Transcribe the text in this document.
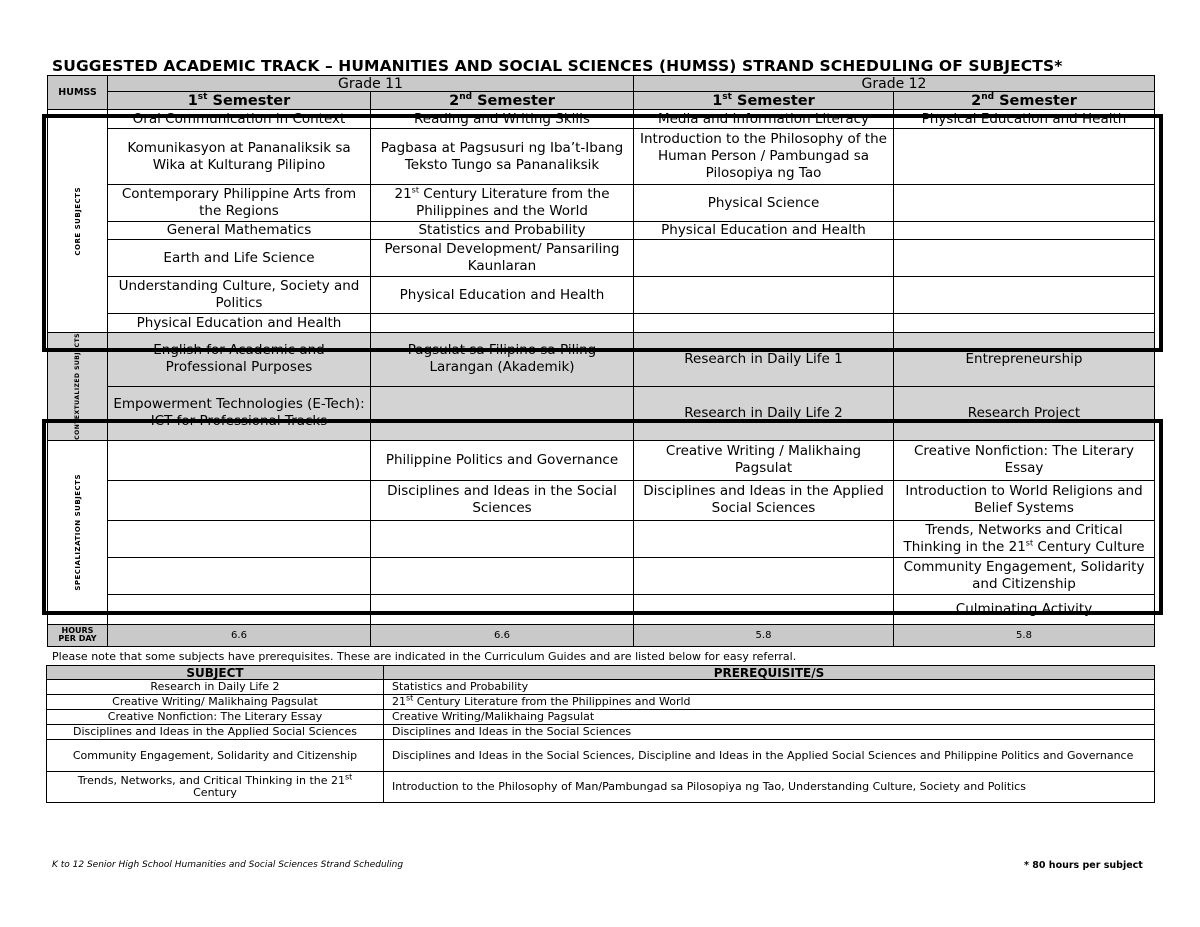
SUGGESTED ACADEMIC TRACK – HUMANITIES AND SOCIAL SCIENCES (HUMSS) STRAND SCHEDULING OF SUBJECTS*
HUMSS	Grade 11		Grade 12	
	1st Semester	2nd Semester	1st Semester	2nd Semester

CORE SUBJECTS	Oral Communication in Context	Reading and Writing Skills	Media and Information Literacy	Physical Education and Health
	Komunikasyon at Pananaliksik sa Wika at Kulturang Pilipino	Pagbasa at Pagsusuri ng Iba’t-Ibang Teksto Tungo sa Pananaliksik	Introduction to the Philosophy of the Human Person / Pambungad sa Pilosopiya ng Tao	
	Contemporary Philippine Arts from the Regions	21st Century Literature from the Philippines and the World	Physical Science	
	General Mathematics	Statistics and Probability	Physical Education and Health	
	Earth and Life Science	Personal Development/ Pansariling Kaunlaran		
	Understanding Culture, Society and Politics	Physical Education and Health		
	Physical Education and Health			

CONTEXTUALIZED SUBJECTS	English for Academic and Professional Purposes	Pagsulat sa Filipino sa Piling Larangan (Akademik)	Research in Daily Life 1	Entrepreneurship
	Empowerment Technologies (E-Tech): ICT for Professional Tracks		Research in Daily Life 2	Research Project

SPECIALIZATION SUBJECTS		Philippine Politics and Governance	Creative Writing / Malikhaing Pagsulat	Creative Nonfiction: The Literary Essay
		Disciplines and Ideas in the Social Sciences	Disciplines and Ideas in the Applied Social Sciences	Introduction to World Religions and Belief Systems
				Trends, Networks and Critical Thinking in the 21st Century Culture
				Community Engagement, Solidarity and Citizenship
				Culminating Activity
HOURS
PER DAY	6.6	6.6	5.8	5.8
Please note that some subjects have prerequisites. These are indicated in the Curriculum Guides and are listed below for easy referral.
SUBJECT	PREREQUISITE/S
Research in Daily Life 2	Statistics and Probability
Creative Writing/ Malikhaing Pagsulat	21st Century Literature from the Philippines and World
Creative Nonfiction: The Literary Essay	Creative Writing/Malikhaing Pagsulat
Disciplines and Ideas in the Applied Social Sciences	Disciplines and Ideas in the Social Sciences
Community Engagement, Solidarity and Citizenship	Disciplines and Ideas in the Social Sciences, Discipline and Ideas in the Applied Social Sciences and Philippine Politics and Governance
Trends, Networks, and Critical Thinking in the 21st Century	Introduction to the Philosophy of Man/Pambungad sa Pilosopiya ng Tao, Understanding Culture, Society and Politics
K to 12 Senior High School Humanities and Social Sciences Strand Scheduling	* 80 hours per subject
